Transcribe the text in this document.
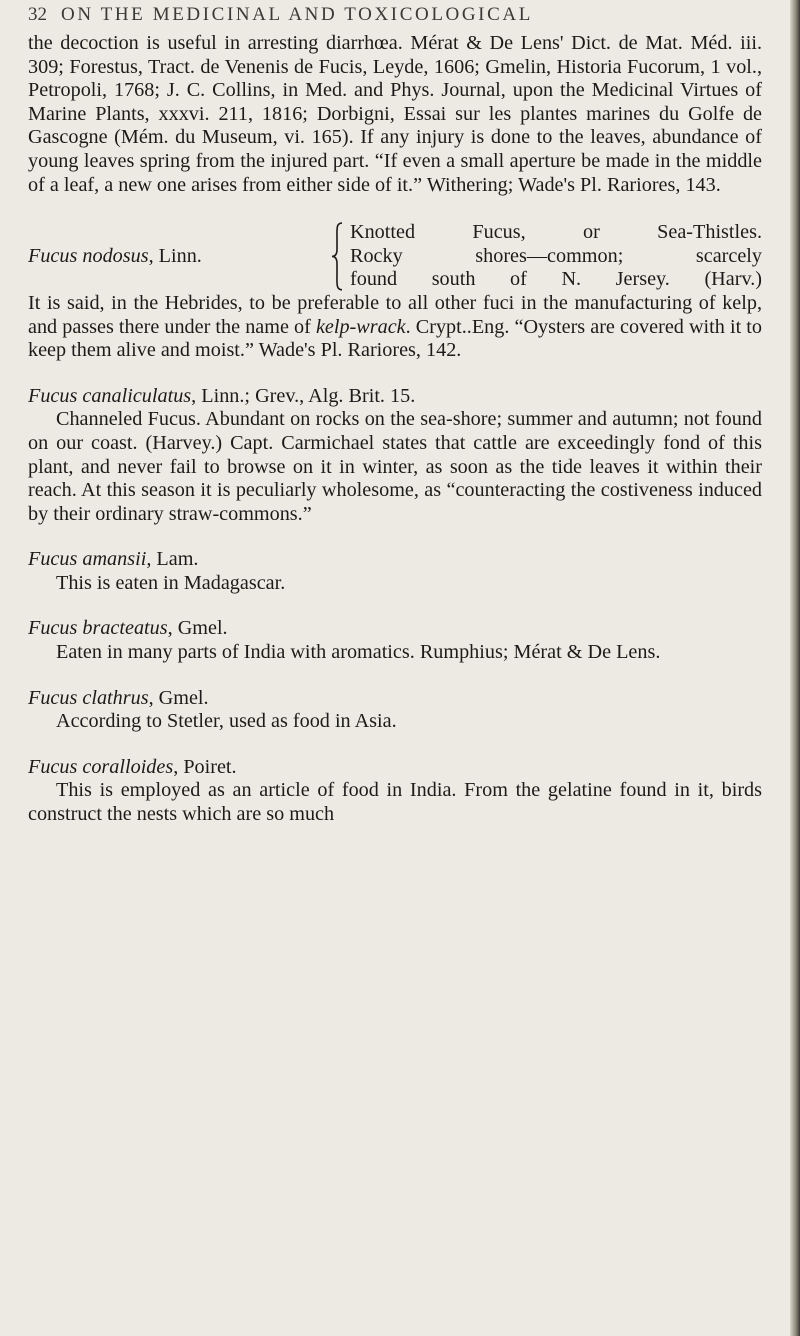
32 ON THE MEDICINAL AND TOXICOLOGICAL

the decoction is useful in arresting diarrhœa. Mérat & De Lens' Dict. de Mat. Méd. iii. 309; Forestus, Tract. de Venenis de Fucis, Leyde, 1606; Gmelin, Historia Fucorum, 1 vol., Petropoli, 1768; J. C. Collins, in Med. and Phys. Journal, upon the Medicinal Virtues of Marine Plants, xxxvi. 211, 1816; Dorbigni, Essai sur les plantes marines du Golfe de Gascogne (Mém. du Museum, vi. 165). If any injury is done to the leaves, abundance of young leaves spring from the injured part. “If even a small aperture be made in the middle of a leaf, a new one arises from either side of it.” Withering; Wade's Pl. Rariores, 143.

Fucus nodosus, Linn.
Knotted Fucus, or Sea-Thistles.
Rocky shores—common; scarcely
found south of N. Jersey. (Harv.)

It is said, in the Hebrides, to be preferable to all other fuci in the manufacturing of kelp, and passes there under the name of kelp-wrack. Crypt..Eng. “Oysters are covered with it to keep them alive and moist.” Wade's Pl. Rariores, 142.

Fucus canaliculatus, Linn.; Grev., Alg. Brit. 15.

Channeled Fucus. Abundant on rocks on the sea-shore; summer and autumn; not found on our coast. (Harvey.) Capt. Carmichael states that cattle are exceedingly fond of this plant, and never fail to browse on it in winter, as soon as the tide leaves it within their reach. At this season it is peculiarly wholesome, as “counteracting the costiveness induced by their ordinary straw-commons.”

Fucus amansii, Lam.

This is eaten in Madagascar.

Fucus bracteatus, Gmel.

Eaten in many parts of India with aromatics. Rumphius; Mérat & De Lens.

Fucus clathrus, Gmel.

According to Stetler, used as food in Asia.

Fucus coralloides, Poiret.

This is employed as an article of food in India. From the gelatine found in it, birds construct the nests which are so much
